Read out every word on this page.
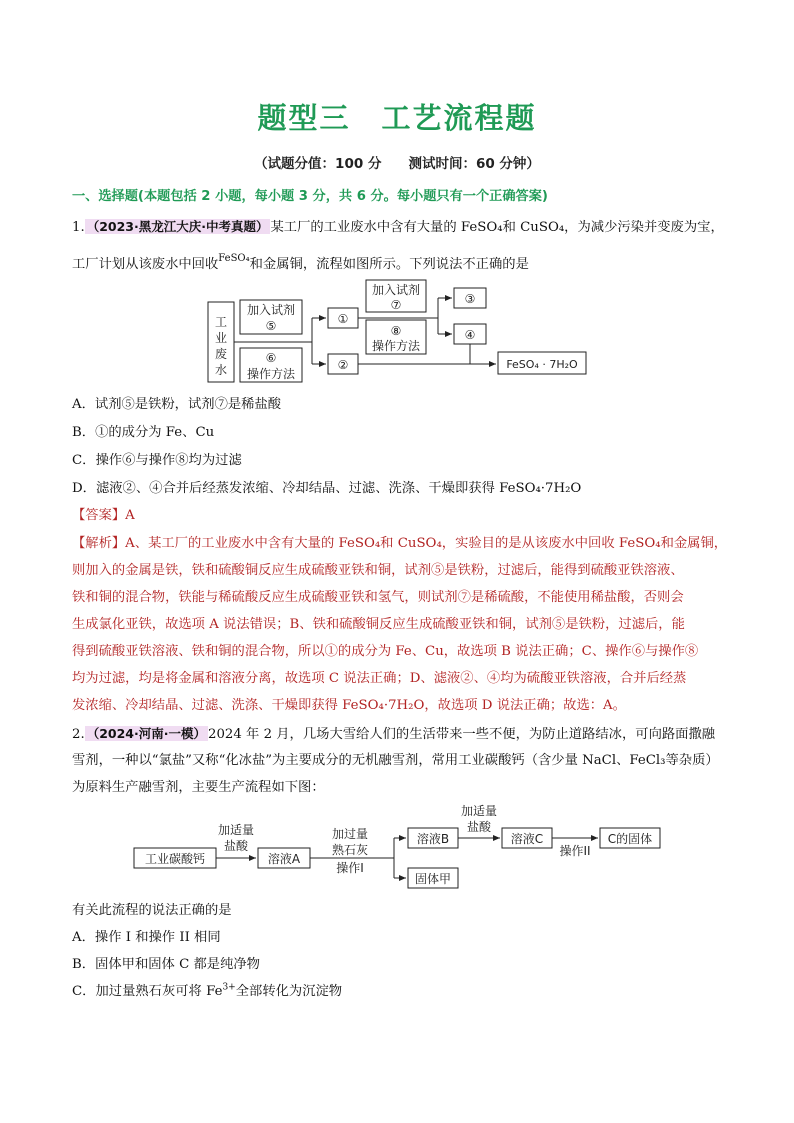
题型三　工艺流程题
（试题分值：100 分　　测试时间：60 分钟）
一、选择题(本题包括 2 小题，每小题 3 分，共 6 分。每小题只有一个正确答案)
1. （2023·黑龙江大庆·中考真题） 某工厂的工业废水中含有大量的 FeSO₄和 CuSO₄，为减少污染并变废为宝，
工厂计划从该废水中回收$^{FeSO_4}$和金属铜，流程如图所示。下列说法不正确的是
工
业
废
水
加入试剂
⑤
⑥
操作方法
①
②
加入试剂
⑦
⑧
操作方法
③
④
FeSO₄ · 7H₂O
A．试剂⑤是铁粉，试剂⑦是稀盐酸
B．①的成分为 Fe、Cu
C．操作⑥与操作⑧均为过滤
D．滤液②、④合并后经蒸发浓缩、冷却结晶、过滤、洗涤、干燥即获得 FeSO₄·7H₂O
【答案】A
【解析】A、某工厂的工业废水中含有大量的 FeSO₄和 CuSO₄，实验目的是从该废水中回收 FeSO₄和金属铜，
则加入的金属是铁，铁和硫酸铜反应生成硫酸亚铁和铜，试剂⑤是铁粉，过滤后，能得到硫酸亚铁溶液、
铁和铜的混合物，铁能与稀硫酸反应生成硫酸亚铁和氢气，则试剂⑦是稀硫酸，不能使用稀盐酸，否则会
生成氯化亚铁，故选项 A 说法错误；B、铁和硫酸铜反应生成硫酸亚铁和铜，试剂⑤是铁粉，过滤后，能
得到硫酸亚铁溶液、铁和铜的混合物，所以①的成分为 Fe、Cu，故选项 B 说法正确；C、操作⑥与操作⑧
均为过滤，均是将金属和溶液分离，故选项 C 说法正确；D、滤液②、④均为硫酸亚铁溶液，合并后经蒸
发浓缩、冷却结晶、过滤、洗涤、干燥即获得 FeSO₄·7H₂O，故选项 D 说法正确；故选：A。
2. （2024·河南·一模） 2024 年 2 月，几场大雪给人们的生活带来一些不便，为防止道路结冰，可向路面撒融
雪剂，一种以“氯盐”又称“化冰盐”为主要成分的无机融雪剂，常用工业碳酸钙（含少量 NaCl、FeCl₃等杂质）
为原料生产融雪剂，主要生产流程如下图：
工业碳酸钙
加适量
盐酸
溶液A
加过量
熟石灰
操作I
溶液B
固体甲
加适量
盐酸
溶液C
操作II
C的固体
有关此流程的说法正确的是
A．操作 I 和操作 II 相同
B．固体甲和固体 C 都是纯净物
C．加过量熟石灰可将 $Fe^{3+}$全部转化为沉淀物
